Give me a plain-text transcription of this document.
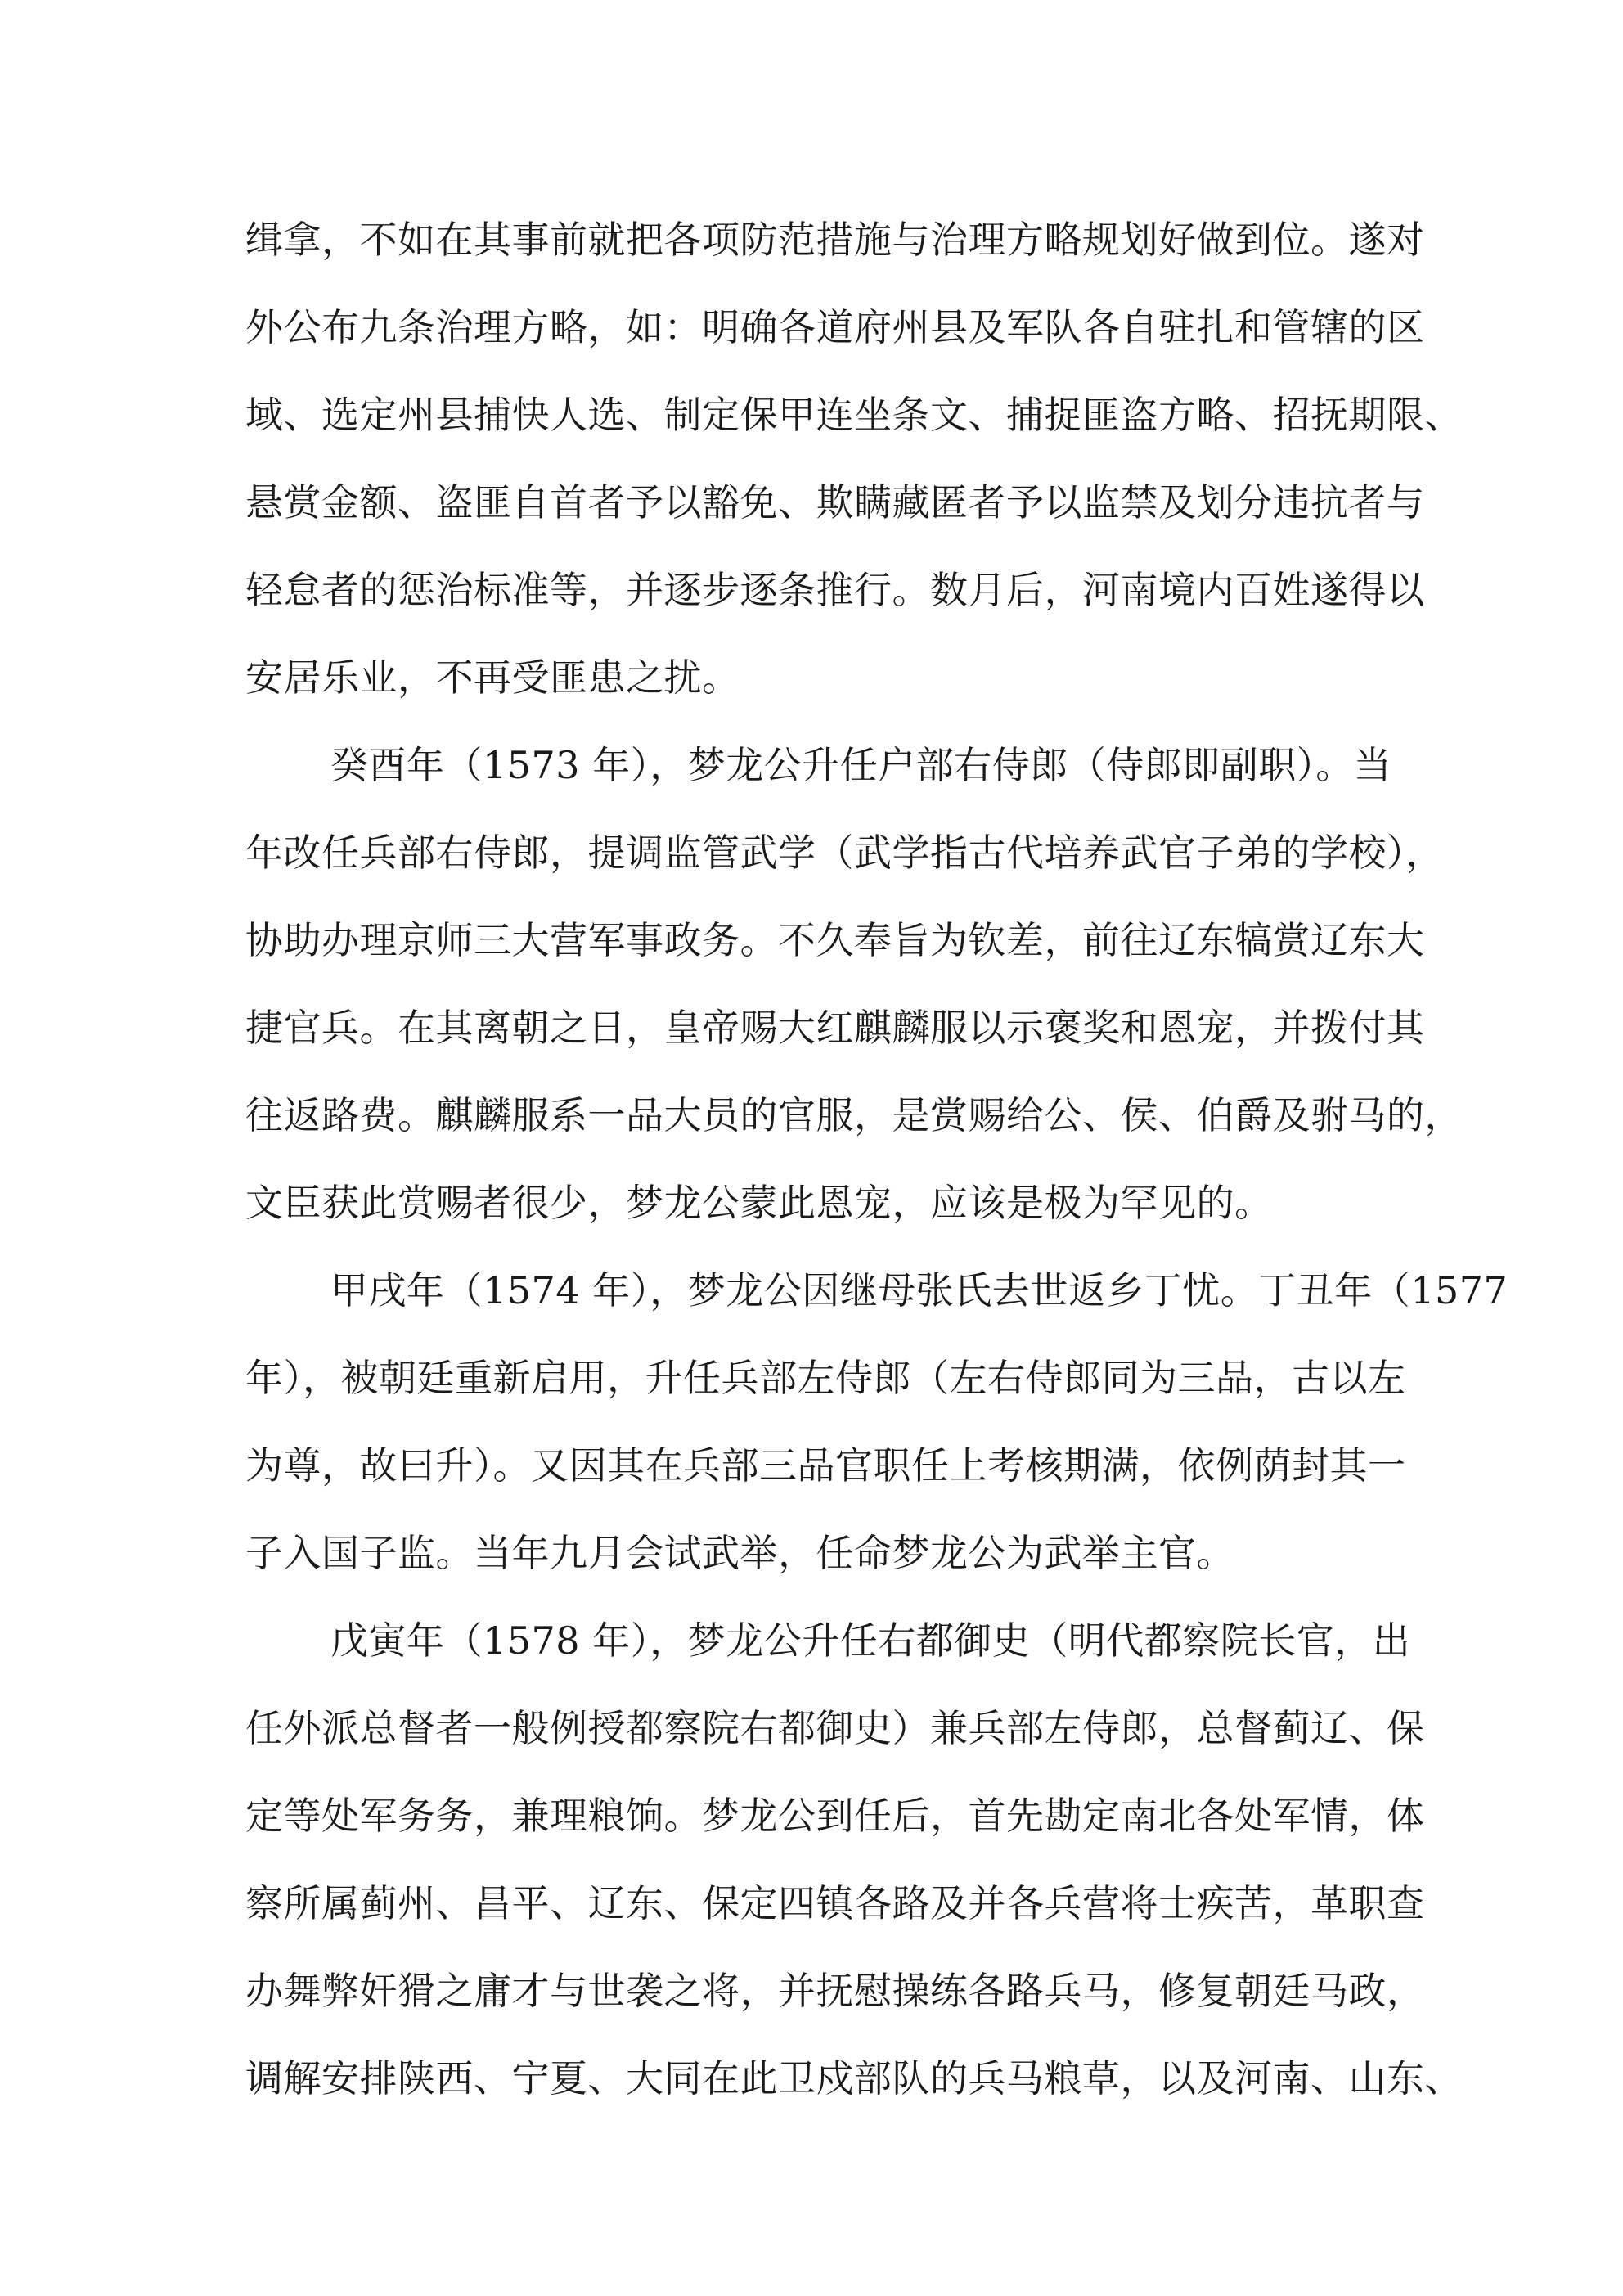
缉拿，不如在其事前就把各项防范措施与治理方略规划好做到位。遂对
外公布九条治理方略，如：明确各道府州县及军队各自驻扎和管辖的区
域、选定州县捕快人选、制定保甲连坐条文、捕捉匪盗方略、招抚期限、
悬赏金额、盗匪自首者予以豁免、欺瞒藏匿者予以监禁及划分违抗者与
轻怠者的惩治标准等，并逐步逐条推行。数月后，河南境内百姓遂得以
安居乐业，不再受匪患之扰。
癸酉年（1573 年），梦龙公升任户部右侍郎（侍郎即副职）。当
年改任兵部右侍郎，提调监管武学（武学指古代培养武官子弟的学校），
协助办理京师三大营军事政务。不久奉旨为钦差，前往辽东犒赏辽东大
捷官兵。在其离朝之日，皇帝赐大红麒麟服以示褒奖和恩宠，并拨付其
往返路费。麒麟服系一品大员的官服，是赏赐给公、侯、伯爵及驸马的，
文臣获此赏赐者很少，梦龙公蒙此恩宠，应该是极为罕见的。
甲戌年（1574 年），梦龙公因继母张氏去世返乡丁忧。丁丑年（1577
年），被朝廷重新启用，升任兵部左侍郎（左右侍郎同为三品，古以左
为尊，故曰升）。又因其在兵部三品官职任上考核期满，依例荫封其一
子入国子监。当年九月会试武举，任命梦龙公为武举主官。
戊寅年（1578 年），梦龙公升任右都御史（明代都察院长官，出
任外派总督者一般例授都察院右都御史）兼兵部左侍郎，总督蓟辽、保
定等处军务务，兼理粮饷。梦龙公到任后，首先勘定南北各处军情，体
察所属蓟州、昌平、辽东、保定四镇各路及并各兵营将士疾苦，革职查
办舞弊奸猾之庸才与世袭之将，并抚慰操练各路兵马，修复朝廷马政，
调解安排陕西、宁夏、大同在此卫戍部队的兵马粮草，以及河南、山东、
